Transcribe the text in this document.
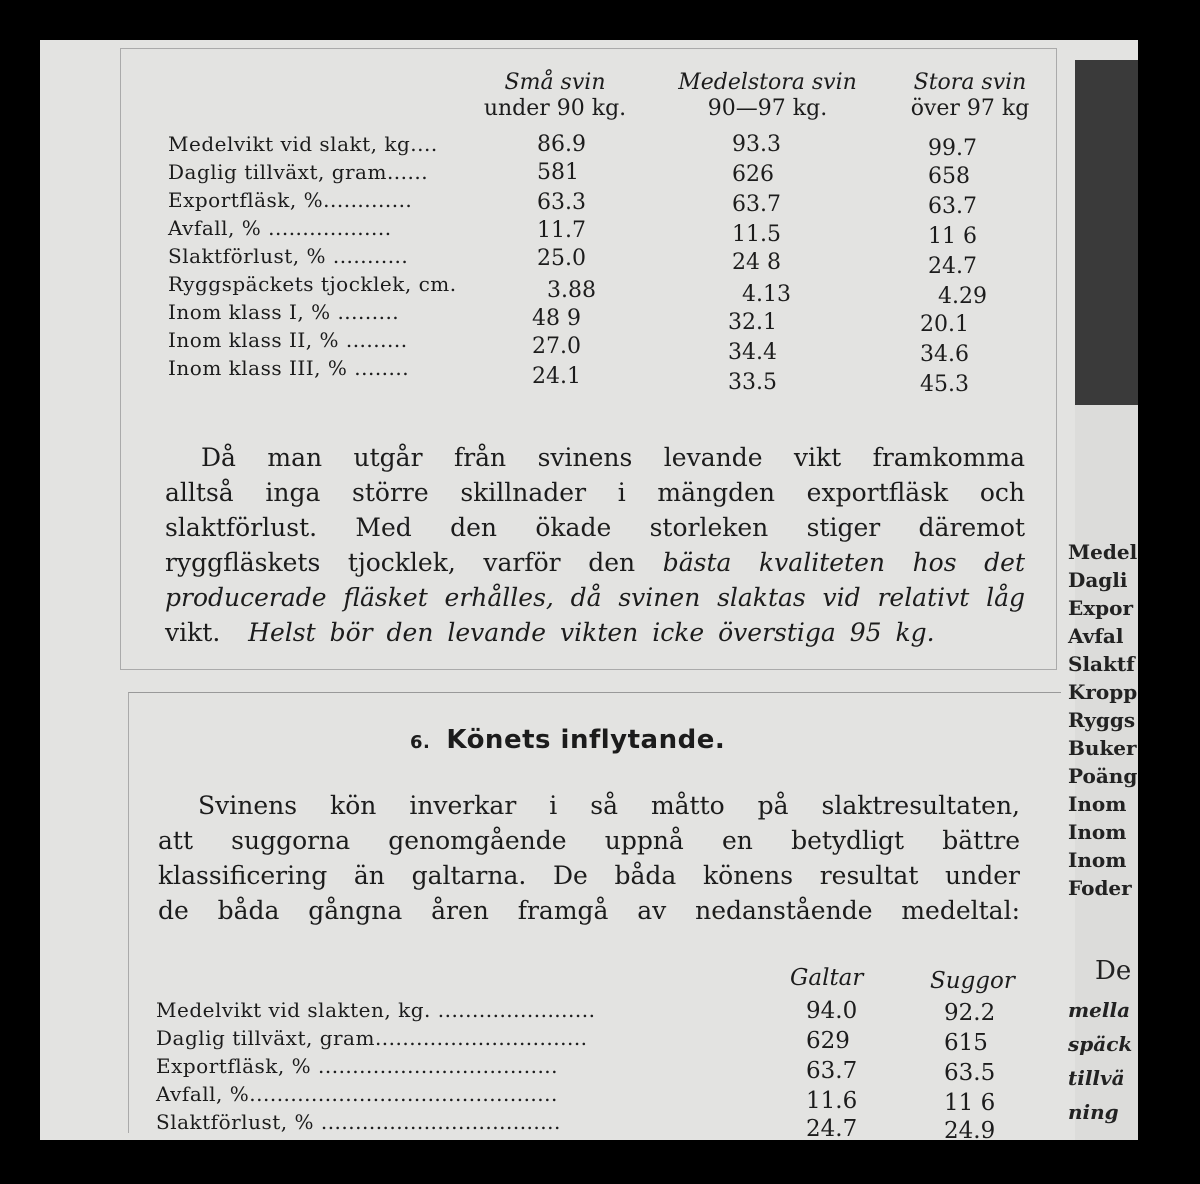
Små svin
under 90 kg.
Medelstora svin
90—97 kg.
Stora svin
över 97 kg
Medelvikt vid slakt, kg....	86.9	93.3	99.7
Daglig tillväxt, gram......	581	626	658
Exportfläsk, %.............	63.3	63.7	63.7
Avfall, % ..................	11.7	11.5	11 6
Slaktförlust, % ...........	25.0	24 8	24.7
Ryggspäckets tjocklek, cm.	3.88	4.13	4.29
Inom klass I, % .........	48 9	32.1	20.1
Inom klass II, % .........	27.0	34.4	34.6
Inom klass III, % ........	24.1	33.5	45.3
Då man utgår från svinens levande vikt framkomma
alltså inga större skillnader i mängden exportfläsk och
slaktförlust. Med den ökade storleken stiger däremot
ryggfläskets tjocklek, varför den bästa kvaliteten hos det
producerade fläsket erhålles, då svinen slaktas vid relativt låg
vikt. Helst bör den levande vikten icke överstiga 95 kg.
6. Könets inflytande.
Svinens kön inverkar i så måtto på slaktresultaten,
att suggorna genomgående uppnå en betydligt bättre
klassificering än galtarna. De båda könens resultat under
de båda gångna åren framgå av nedanstående medeltal:
Galtar	Suggor
Medelvikt vid slakten, kg. .......................	94.0	92.2
Daglig tillväxt, gram...............................	629	615
Exportfläsk, % ...................................	63.7	63.5
Avfall, %.............................................	11.6	11 6
Slaktförlust, % ...................................	24.7	24.9
Medel
Dagli
Expor
Avfal
Slaktf
Kropp
Ryggs
Buker
Poäng
Inom
Inom
Inom
Foder
De
mella
späck
tillvä
ning
